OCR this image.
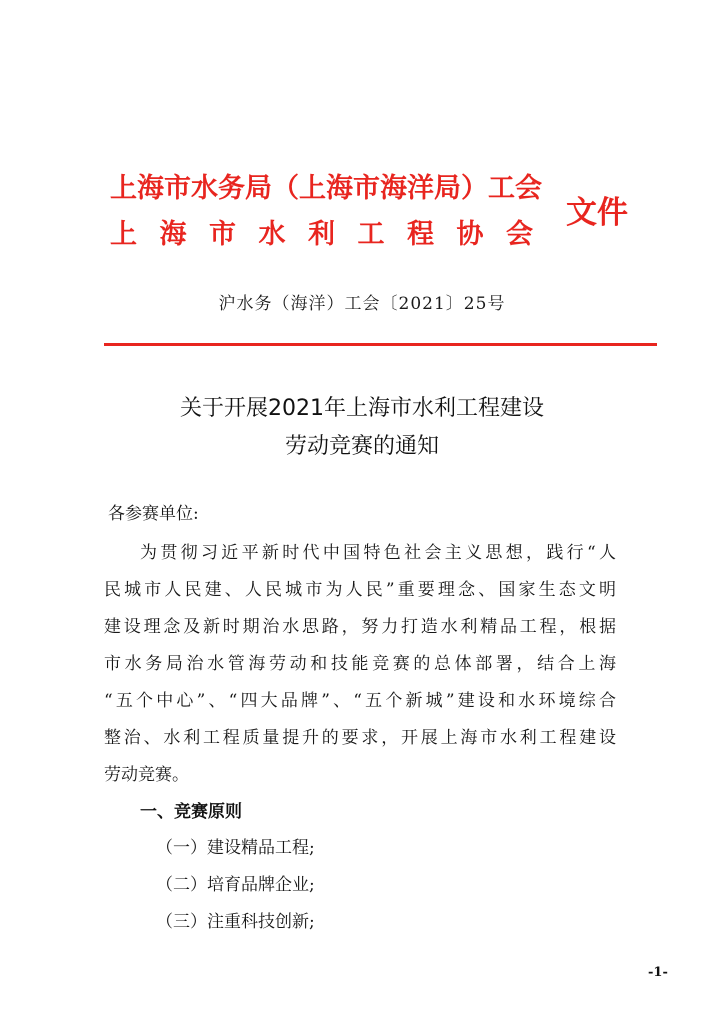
上海市水务局（上海市海洋局）工会
上海市水利工程协会
文件
沪水务（海洋）工会〔2021〕25号
关于开展2021年上海市水利工程建设
劳动竞赛的通知
各参赛单位:
为贯彻习近平新时代中国特色社会主义思想，践行“人
民城市人民建、人民城市为人民”重要理念、国家生态文明
建设理念及新时期治水思路，努力打造水利精品工程，根据
市水务局治水管海劳动和技能竞赛的总体部署，结合上海
“五个中心”、“四大品牌”、“五个新城”建设和水环境综合
整治、水利工程质量提升的要求，开展上海市水利工程建设
劳动竞赛。
一、竞赛原则
（一）建设精品工程;
（二）培育品牌企业;
（三）注重科技创新;
-1-
